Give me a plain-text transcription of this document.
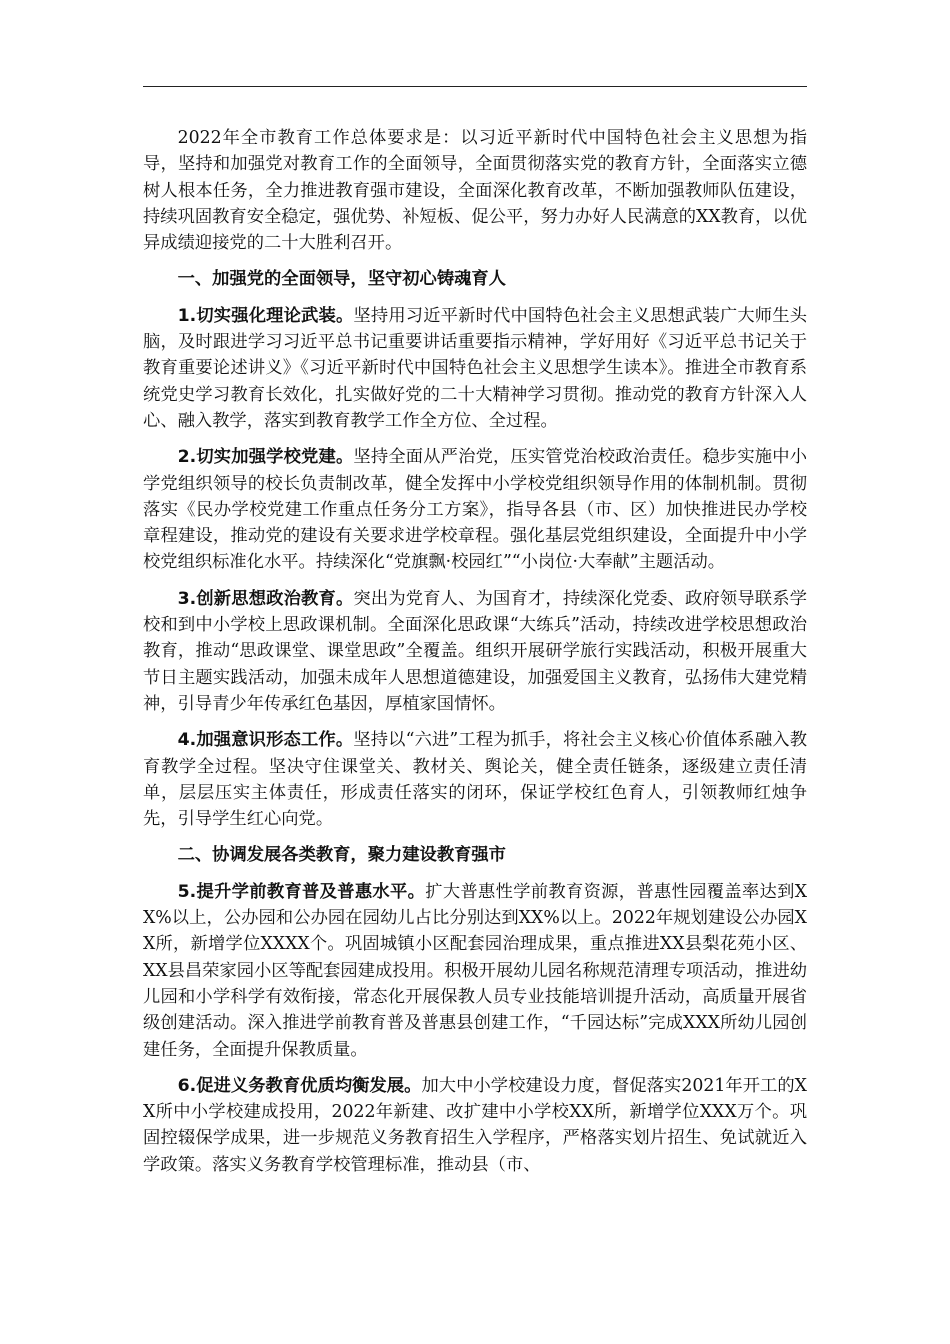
2022年全市教育工作总体要求是：以习近平新时代中国特色社会主义思想为指导，坚持和加强党对教育工作的全面领导，全面贯彻落实党的教育方针，全面落实立德树人根本任务，全力推进教育强市建设，全面深化教育改革，不断加强教师队伍建设，持续巩固教育安全稳定，强优势、补短板、促公平，努力办好人民满意的XX教育，以优异成绩迎接党的二十大胜利召开。

一、加强党的全面领导，坚守初心铸魂育人

1.切实强化理论武装。坚持用习近平新时代中国特色社会主义思想武装广大师生头脑，及时跟进学习习近平总书记重要讲话重要指示精神，学好用好《习近平总书记关于教育重要论述讲义》《习近平新时代中国特色社会主义思想学生读本》。推进全市教育系统党史学习教育长效化，扎实做好党的二十大精神学习贯彻。推动党的教育方针深入人心、融入教学，落实到教育教学工作全方位、全过程。

2.切实加强学校党建。坚持全面从严治党，压实管党治校政治责任。稳步实施中小学党组织领导的校长负责制改革，健全发挥中小学校党组织领导作用的体制机制。贯彻落实《民办学校党建工作重点任务分工方案》，指导各县（市、区）加快推进民办学校章程建设，推动党的建设有关要求进学校章程。强化基层党组织建设，全面提升中小学校党组织标准化水平。持续深化“党旗飘·校园红”“小岗位·大奉献”主题活动。

3.创新思想政治教育。突出为党育人、为国育才，持续深化党委、政府领导联系学校和到中小学校上思政课机制。全面深化思政课“大练兵”活动，持续改进学校思想政治教育，推动“思政课堂、课堂思政”全覆盖。组织开展研学旅行实践活动，积极开展重大节日主题实践活动，加强未成年人思想道德建设，加强爱国主义教育，弘扬伟大建党精神，引导青少年传承红色基因，厚植家国情怀。

4.加强意识形态工作。坚持以“六进”工程为抓手，将社会主义核心价值体系融入教育教学全过程。坚决守住课堂关、教材关、舆论关，健全责任链条，逐级建立责任清单，层层压实主体责任，形成责任落实的闭环，保证学校红色育人，引领教师红烛争先，引导学生红心向党。

二、协调发展各类教育，聚力建设教育强市

5.提升学前教育普及普惠水平。扩大普惠性学前教育资源，普惠性园覆盖率达到XX%以上，公办园和公办园在园幼儿占比分别达到XX%以上。2022年规划建设公办园XX所，新增学位XXXX个。巩固城镇小区配套园治理成果，重点推进XX县梨花苑小区、XX县昌荣家园小区等配套园建成投用。积极开展幼儿园名称规范清理专项活动，推进幼儿园和小学科学有效衔接，常态化开展保教人员专业技能培训提升活动，高质量开展省级创建活动。深入推进学前教育普及普惠县创建工作，“千园达标”完成XXX所幼儿园创建任务，全面提升保教质量。

6.促进义务教育优质均衡发展。加大中小学校建设力度，督促落实2021年开工的XX所中小学校建成投用，2022年新建、改扩建中小学校XX所，新增学位XXX万个。巩固控辍保学成果，进一步规范义务教育招生入学程序，严格落实划片招生、免试就近入学政策。落实义务教育学校管理标准，推动县（市、
